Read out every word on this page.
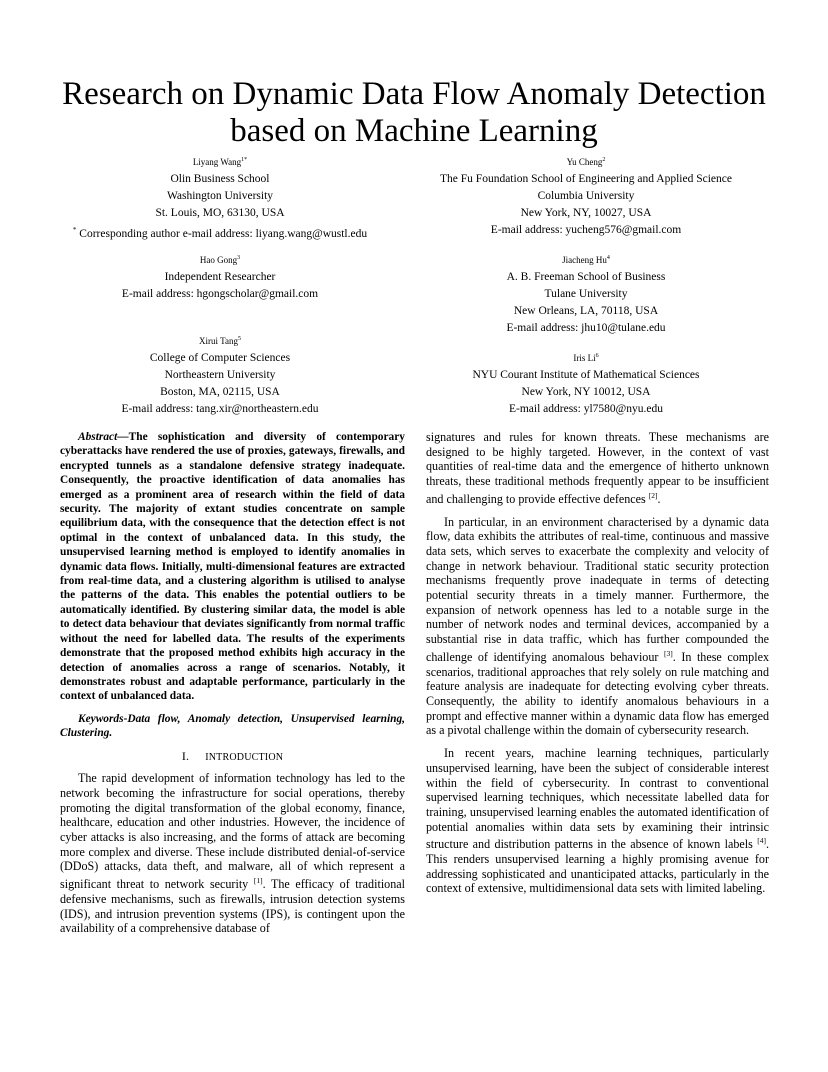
Research on Dynamic Data Flow Anomaly Detection
based on Machine Learning
Liyang Wang$^{1*}$
Olin Business School
Washington University
St. Louis, MO, 63130, USA
* Corresponding author e-mail address: liyang.wang@wustl.edu
Yu Cheng$^2$
The Fu Foundation School of Engineering and Applied Science
Columbia University
New York, NY, 10027, USA
E-mail address: yucheng576@gmail.com
Hao Gong$^3$
Independent Researcher
E-mail address: hgongscholar@gmail.com
Jiacheng Hu$^4$
A. B. Freeman School of Business
Tulane University
New Orleans, LA, 70118, USA
E-mail address: jhu10@tulane.edu
Xirui Tang$^5$
College of Computer Sciences
Northeastern University
Boston, MA, 02115, USA
E-mail address: tang.xir@northeastern.edu
Iris Li$^6$
NYU Courant Institute of Mathematical Sciences
New York, NY 10012, USA
E-mail address: yl7580@nyu.edu

Abstract—The sophistication and diversity of contemporary cyberattacks have rendered the use of proxies, gateways, firewalls, and encrypted tunnels as a standalone defensive strategy inadequate. Consequently, the proactive identification of data anomalies has emerged as a prominent area of research within the field of data security. The majority of extant studies concentrate on sample equilibrium data, with the consequence that the detection effect is not optimal in the context of unbalanced data. In this study, the unsupervised learning method is employed to identify anomalies in dynamic data flows. Initially, multi-dimensional features are extracted from real-time data, and a clustering algorithm is utilised to analyse the patterns of the data. This enables the potential outliers to be automatically identified. By clustering similar data, the model is able to detect data behaviour that deviates significantly from normal traffic without the need for labelled data. The results of the experiments demonstrate that the proposed method exhibits high accuracy in the detection of anomalies across a range of scenarios. Notably, it demonstrates robust and adaptable performance, particularly in the context of unbalanced data.

Keywords-Data flow, Anomaly detection, Unsupervised learning, Clustering.

I. INTRODUCTION

The rapid development of information technology has led to the network becoming the infrastructure for social operations, thereby promoting the digital transformation of the global economy, finance, healthcare, education and other industries. However, the incidence of cyber attacks is also increasing, and the forms of attack are becoming more complex and diverse. These include distributed denial-of-service (DDoS) attacks, data theft, and malware, all of which represent a significant threat to network security [1]. The efficacy of traditional defensive mechanisms, such as firewalls, intrusion detection systems (IDS), and intrusion prevention systems (IPS), is contingent upon the availability of a comprehensive database of

signatures and rules for known threats. These mechanisms are designed to be highly targeted. However, in the context of vast quantities of real-time data and the emergence of hitherto unknown threats, these traditional methods frequently appear to be insufficient and challenging to provide effective defences [2].

In particular, in an environment characterised by a dynamic data flow, data exhibits the attributes of real-time, continuous and massive data sets, which serves to exacerbate the complexity and velocity of change in network behaviour. Traditional static security protection mechanisms frequently prove inadequate in terms of detecting potential security threats in a timely manner. Furthermore, the expansion of network openness has led to a notable surge in the number of network nodes and terminal devices, accompanied by a substantial rise in data traffic, which has further compounded the challenge of identifying anomalous behaviour [3]. In these complex scenarios, traditional approaches that rely solely on rule matching and feature analysis are inadequate for detecting evolving cyber threats. Consequently, the ability to identify anomalous behaviours in a prompt and effective manner within a dynamic data flow has emerged as a pivotal challenge within the domain of cybersecurity research.

In recent years, machine learning techniques, particularly unsupervised learning, have been the subject of considerable interest within the field of cybersecurity. In contrast to conventional supervised learning techniques, which necessitate labelled data for training, unsupervised learning enables the automated identification of potential anomalies within data sets by examining their intrinsic structure and distribution patterns in the absence of known labels [4]. This renders unsupervised learning a highly promising avenue for addressing sophisticated and unanticipated attacks, particularly in the context of extensive, multidimensional data sets with limited labeling.
